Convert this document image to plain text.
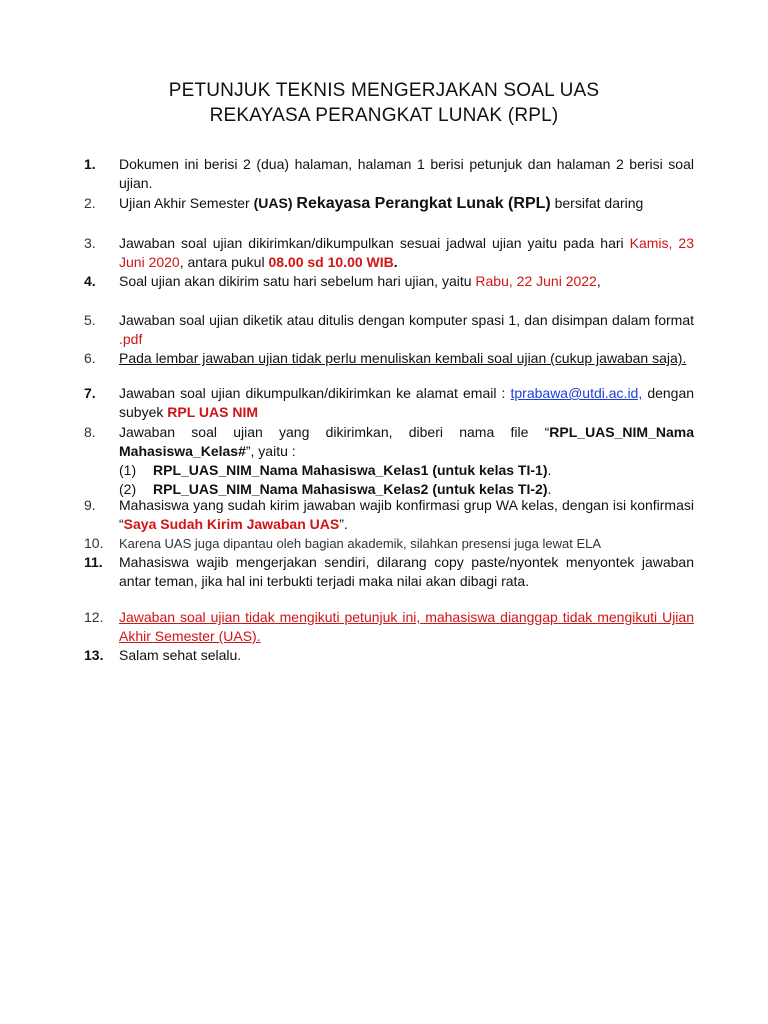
PETUNJUK TEKNIS MENGERJAKAN SOAL UAS
REKAYASA PERANGKAT LUNAK (RPL)
1.	Dokumen ini berisi 2 (dua) halaman, halaman 1 berisi petunjuk dan halaman 2 berisi soal ujian.
2.	Ujian Akhir Semester (UAS) Rekayasa Perangkat Lunak (RPL) bersifat daring
3.	Jawaban soal ujian dikirimkan/dikumpulkan sesuai jadwal ujian yaitu pada hari Kamis, 23 Juni 2020, antara pukul 08.00 sd 10.00 WIB.
4.	Soal ujian akan dikirim satu hari sebelum hari ujian, yaitu Rabu, 22 Juni 2022,
5.	Jawaban soal ujian diketik atau ditulis dengan komputer spasi 1, dan disimpan dalam format .pdf
6.	Pada lembar jawaban ujian tidak perlu menuliskan kembali soal ujian (cukup jawaban saja).
7.	Jawaban soal ujian dikumpulkan/dikirimkan ke alamat email : tprabawa@utdi.ac.id, dengan subyek RPL UAS NIM
8.	Jawaban soal ujian yang dikirimkan, diberi nama file “RPL_UAS_NIM_Nama Mahasiswa_Kelas#”, yaitu :
(1) RPL_UAS_NIM_Nama Mahasiswa_Kelas1 (untuk kelas TI-1).
(2) RPL_UAS_NIM_Nama Mahasiswa_Kelas2 (untuk kelas TI-2).
9.	Mahasiswa yang sudah kirim jawaban wajib konfirmasi grup WA kelas, dengan isi konfirmasi “Saya Sudah Kirim Jawaban UAS”.
10.	Karena UAS juga dipantau oleh bagian akademik, silahkan presensi juga lewat ELA
11.	Mahasiswa wajib mengerjakan sendiri, dilarang copy paste/nyontek menyontek jawaban antar teman, jika hal ini terbukti terjadi maka nilai akan dibagi rata.
12.	Jawaban soal ujian tidak mengikuti petunjuk ini, mahasiswa dianggap tidak mengikuti Ujian Akhir Semester (UAS).
13.	Salam sehat selalu.
